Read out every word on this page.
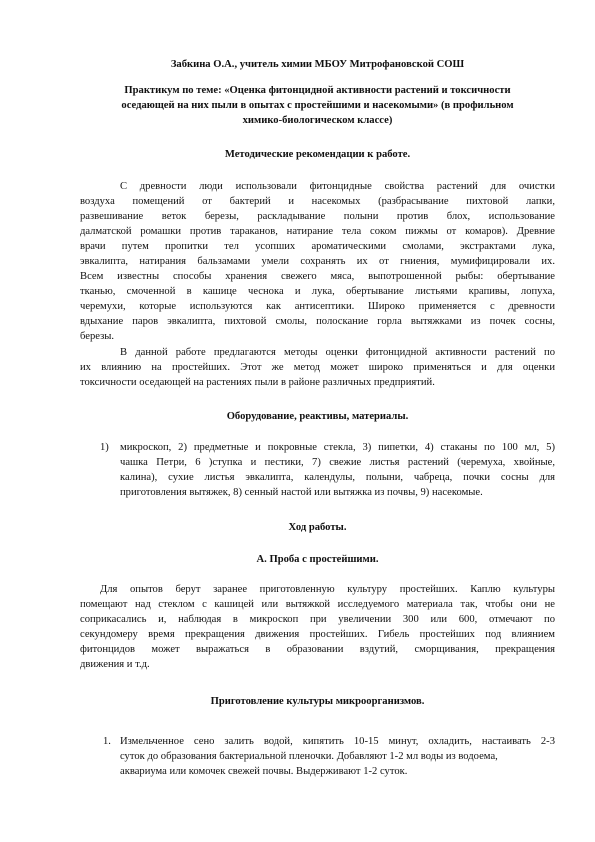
Забкина О.А., учитель химии МБОУ Митрофановской СОШ
Практикум по теме: «Оценка фитонцидной активности растений и токсичности
оседающей на них пыли в опытах с простейшими и насекомыми» (в профильном
химико-биологическом классе)
Методические рекомендации к работе.
С древности люди использовали фитонцидные свойства растений для очистки
воздуха помещений от бактерий и насекомых (разбрасывание пихтовой лапки,
развешивание веток березы, раскладывание полыни против блох, использование
далматской ромашки против тараканов, натирание тела соком пижмы от комаров). Древние
врачи путем пропитки тел усопших ароматическими смолами, экстрактами лука,
эвкалипта, натирания бальзамами умели сохранять их от гниения, мумифицировали их.
Всем известны способы хранения свежего мяса, выпотрошенной рыбы: обертывание
тканью, смоченной в кашице чеснока и лука, обертывание листьями крапивы, лопуха,
черемухи, которые используются как антисептики. Широко применяется с древности
вдыхание паров эвкалипта, пихтовой смолы, полоскание горла вытяжками из почек сосны,
березы.
В данной работе предлагаются методы оценки фитонцидной активности растений по
их влиянию на простейших. Этот же метод может широко применяться и для оценки
токсичности оседающей на растениях пыли в районе различных предприятий.
Оборудование, реактивы, материалы.
1) микроскоп, 2) предметные и покровные стекла, 3) пипетки, 4) стаканы по 100 мл, 5)
чашка Петри, 6 )ступка и пестики, 7) свежие листья растений (черемуха, хвойные,
калина), сухие листья эвкалипта, календулы, полыни, чабреца, почки сосны для
приготовления вытяжек, 8) сенный настой или вытяжка из почвы, 9) насекомые.
Ход работы.
А. Проба с простейшими.
Для опытов берут заранее приготовленную культуру простейших. Каплю культуры
помещают над стеклом с кашицей или вытяжкой исследуемого материала так, чтобы они не
соприкасались и, наблюдая в микроскоп при увеличении 300 или 600, отмечают по
секундомеру время прекращения движения простейших. Гибель простейших под влиянием
фитонцидов может выражаться в образовании вздутий, сморщивания, прекращения
движения и т.д.
Приготовление культуры микроорганизмов.
1. Измельченное сено залить водой, кипятить 10-15 минут, охладить, настаивать 2-3
суток до образования бактериальной пленочки. Добавляют 1-2 мл воды из водоема,
аквариума или комочек свежей почвы. Выдерживают 1-2 суток.
